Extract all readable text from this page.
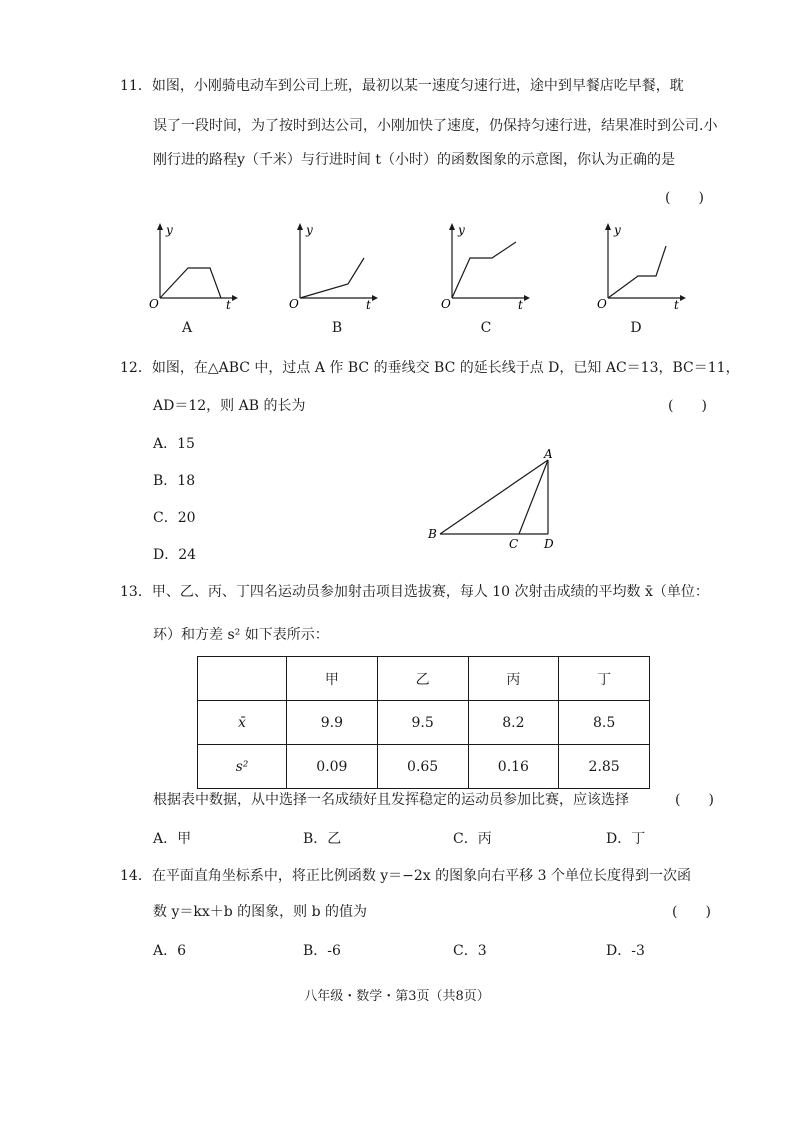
11．如图，小刚骑电动车到公司上班，最初以某一速度匀速行进，途中到早餐店吃早餐，耽
误了一段时间，为了按时到达公司，小刚加快了速度，仍保持匀速行进，结果准时到公司.小
刚行进的路程y（千米）与行进时间 t（小时）的函数图象的示意图，你认为正确的是
(　　)
y
t
O
A
y
t
O
B
y
t
O
C
y
t
O
D
12．如图，在△ABC 中，过点 A 作 BC 的垂线交 BC 的延长线于点 D，已知 AC＝13，BC＝11，
AD＝12，则 AB 的长为	(　　)
A．15
B．18
C．20
D．24
A
B
C D
13．甲、乙、丙、丁四名运动员参加射击项目选拔赛，每人 10 次射击成绩的平均数 x̄（单位：
环）和方差 s² 如下表所示：
	甲	乙	丙	丁
x̄	9.9	9.5	8.2	8.5
s²	0.09	0.65	0.16	2.85
根据表中数据，从中选择一名成绩好且发挥稳定的运动员参加比赛，应该选择	(　　)
A．甲	B．乙	C．丙	D．丁
14．在平面直角坐标系中，将正比例函数 y＝−2x 的图象向右平移 3 个单位长度得到一次函
数 y＝kx＋b 的图象，则 b 的值为	(　　)
A．6	B．-6	C．3	D．-3
八年级・数学・第3页（共8页）
